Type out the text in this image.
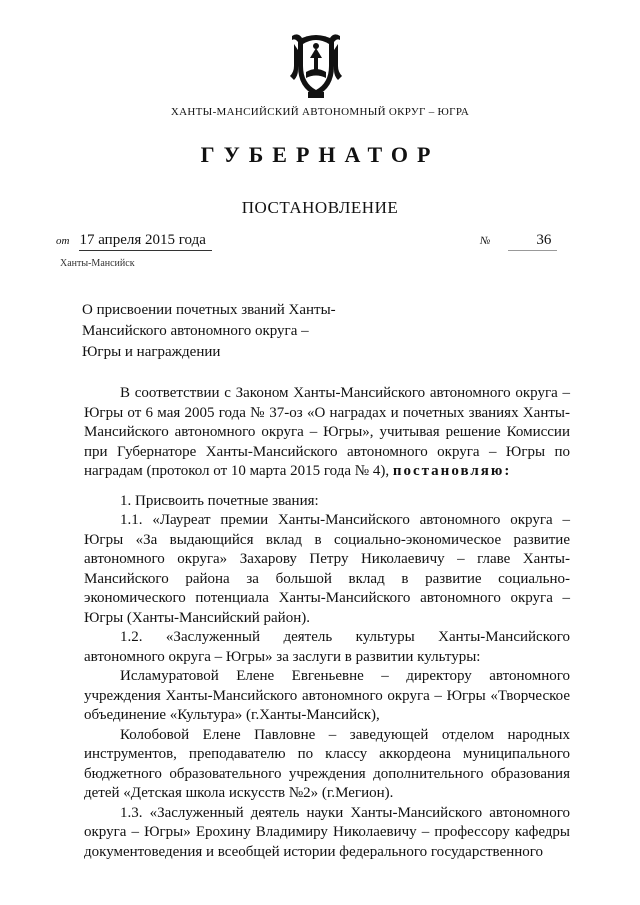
ХАНТЫ-МАНСИЙСКИЙ АВТОНОМНЫЙ ОКРУГ – ЮГРА
ГУБЕРНАТОР
ПОСТАНОВЛЕНИЕ
от 17 апреля 2015 года	№	36
Ханты-Мансийск
О присвоении почетных званий Ханты-Мансийского автономного округа – Югры и награждении

В соответствии с Законом Ханты-Мансийского автономного округа – Югры от 6 мая 2005 года № 37-оз «О наградах и почетных званиях Ханты-Мансийского автономного округа – Югры», учитывая решение Комиссии при Губернаторе Ханты-Мансийского автономного округа – Югры по наградам (протокол от 10 марта 2015 года № 4), постановляю:

1. Присвоить почетные звания:

1.1. «Лауреат премии Ханты-Мансийского автономного округа – Югры «За выдающийся вклад в социально-экономическое развитие автономного округа» Захарову Петру Николаевичу – главе Ханты-Мансийского района за большой вклад в развитие социально-экономического потенциала Ханты-Мансийского автономного округа – Югры (Ханты-Мансийский район).

1.2. «Заслуженный деятель культуры Ханты-Мансийского автономного округа – Югры» за заслуги в развитии культуры:

Исламуратовой Елене Евгеньевне – директору автономного учреждения Ханты-Мансийского автономного округа – Югры «Творческое объединение «Культура» (г.Ханты-Мансийск),

Колобовой Елене Павловне – заведующей отделом народных инструментов, преподавателю по классу аккордеона муниципального бюджетного образовательного учреждения дополнительного образования детей «Детская школа искусств №2» (г.Мегион).

1.3. «Заслуженный деятель науки Ханты-Мансийского автономного округа – Югры» Ерохину Владимиру Николаевичу – профессору кафедры документоведения и всеобщей истории федерального государственного
